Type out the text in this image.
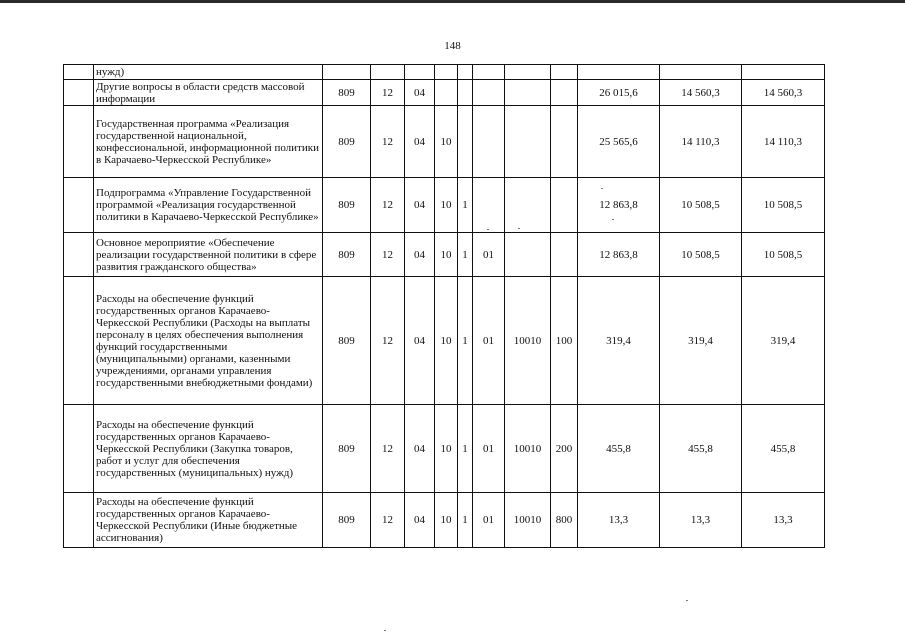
148
	нужд)											
	Другие вопросы в области средств массовой информации	809	12	04						26 015,6	14 560,3	14 560,3
	Государственная программа «Реализация государственной национальной, конфессиональной, информационной политики в Карачаево-Черкесской Республике»	809	12	04	10					25 565,6	14 110,3	14 110,3
	Подпрограмма «Управление Государственной программой «Реализация государственной политики в Карачаево-Черкесской Республике»	809	12	04	10	1				12 863,8	10 508,5	10 508,5
	Основное мероприятие «Обеспечение реализации государственной политики в сфере развития гражданского общества»	809	12	04	10	1	01			12 863,8	10 508,5	10 508,5
	Расходы на обеспечение функций государственных органов Карачаево-Черкесской Республики (Расходы на выплаты персоналу в целях обеспечения выполнения функций государственными (муниципальными) органами, казенными учреждениями, органами управления государственными внебюджетными фондами)	809	12	04	10	1	01	10010	100	319,4	319,4	319,4
	Расходы на обеспечение функций государственных органов Карачаево-Черкесской Республики (Закупка товаров, работ и услуг для обеспечения государственных (муниципальных) нужд)	809	12	04	10	1	01	10010	200	455,8	455,8	455,8
	Расходы на обеспечение функций государственных органов Карачаево-Черкесской Республики (Иные бюджетные ассигнования)	809	12	04	10	1	01	10010	800	13,3	13,3	13,3
